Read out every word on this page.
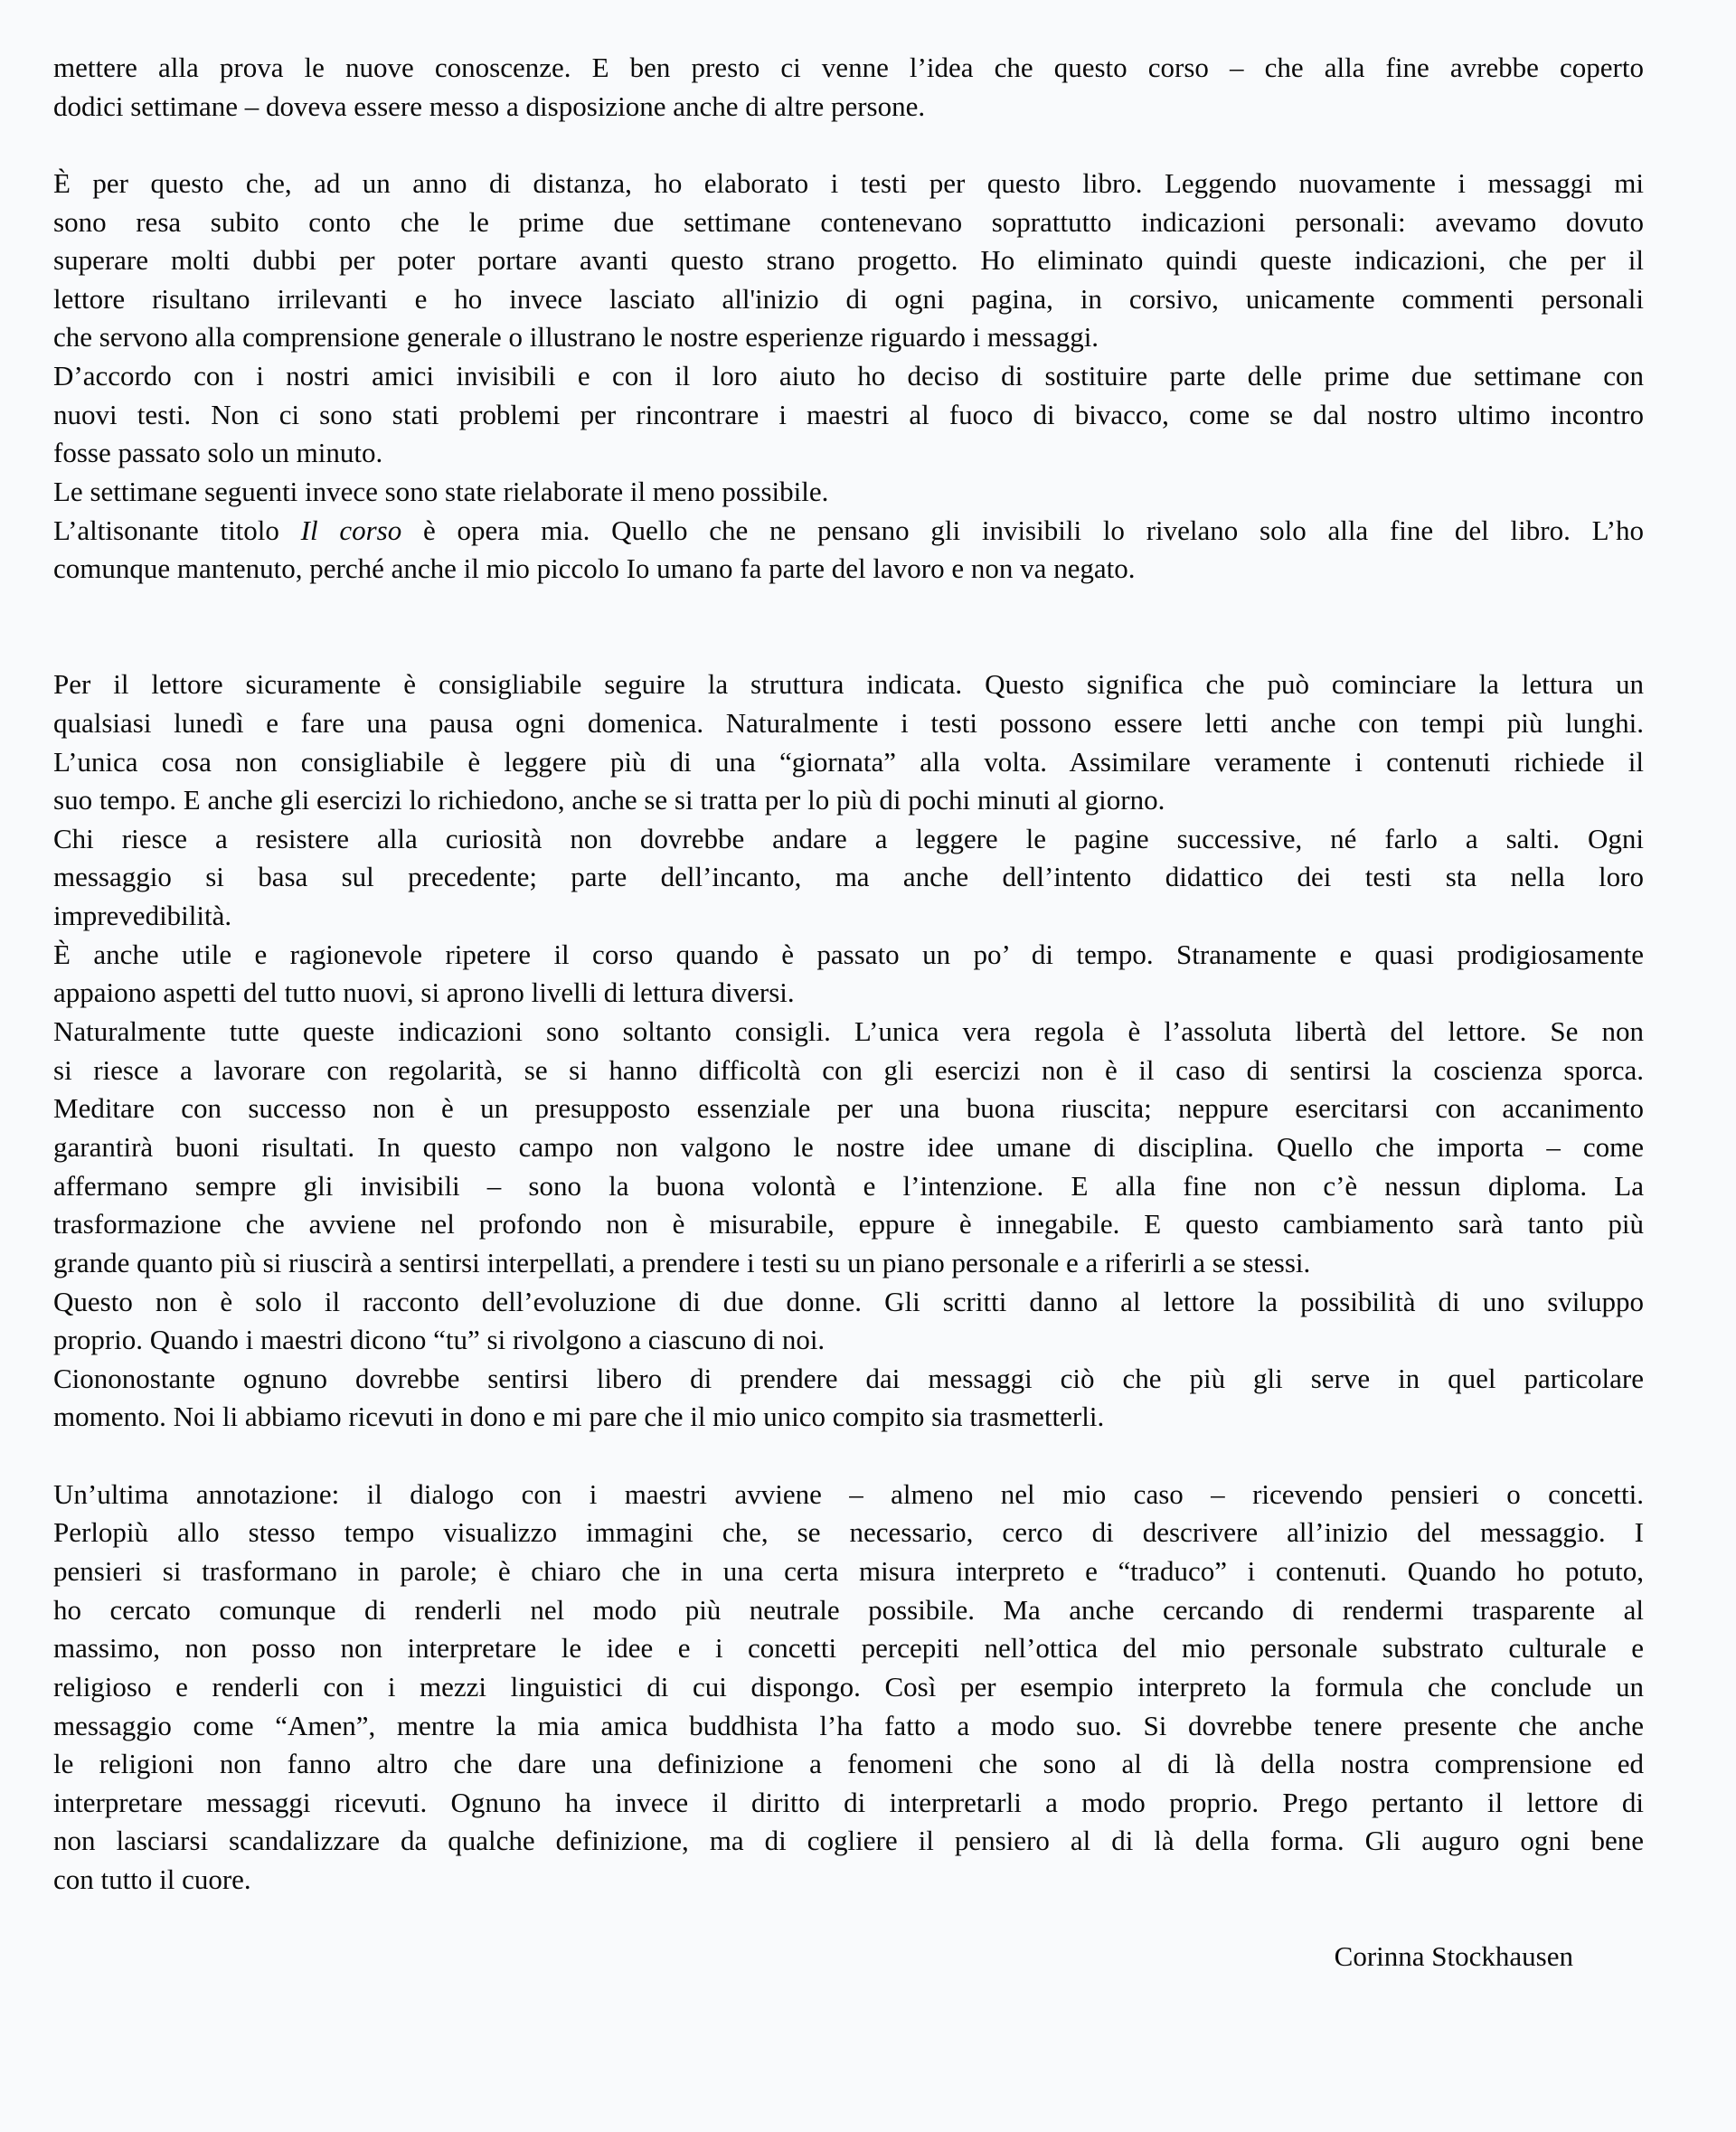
mettere alla prova le nuove conoscenze. E ben presto ci venne l’idea che questo corso – che alla fine avrebbe coperto
dodici settimane – doveva essere messo a disposizione anche di altre persone.
È per questo che, ad un anno di distanza, ho elaborato i testi per questo libro. Leggendo nuovamente i messaggi mi
sono resa subito conto che le prime due settimane contenevano soprattutto indicazioni personali: avevamo dovuto
superare molti dubbi per poter portare avanti questo strano progetto. Ho eliminato quindi queste indicazioni, che per il
lettore risultano irrilevanti e ho invece lasciato all'inizio di ogni pagina, in corsivo, unicamente commenti personali
che servono alla comprensione generale o illustrano le nostre esperienze riguardo i messaggi.
D’accordo con i nostri amici invisibili e con il loro aiuto ho deciso di sostituire parte delle prime due settimane con
nuovi testi. Non ci sono stati problemi per rincontrare i maestri al fuoco di bivacco, come se dal nostro ultimo incontro
fosse passato solo un minuto.
Le settimane seguenti invece sono state rielaborate il meno possibile.
L’altisonante titolo Il corso è opera mia. Quello che ne pensano gli invisibili lo rivelano solo alla fine del libro. L’ho
comunque mantenuto, perché anche il mio piccolo Io umano fa parte del lavoro e non va negato.
Per il lettore sicuramente è consigliabile seguire la struttura indicata. Questo significa che può cominciare la lettura un
qualsiasi lunedì e fare una pausa ogni domenica. Naturalmente i testi possono essere letti anche con tempi più lunghi.
L’unica cosa non consigliabile è leggere più di una “giornata” alla volta. Assimilare veramente i contenuti richiede il
suo tempo. E anche gli esercizi lo richiedono, anche se si tratta per lo più di pochi minuti al giorno.
Chi riesce a resistere alla curiosità non dovrebbe andare a leggere le pagine successive, né farlo a salti. Ogni
messaggio si basa sul precedente; parte dell’incanto, ma anche dell’intento didattico dei testi sta nella loro
imprevedibilità.
È anche utile e ragionevole ripetere il corso quando è passato un po’ di tempo. Stranamente e quasi prodigiosamente
appaiono aspetti del tutto nuovi, si aprono livelli di lettura diversi.
Naturalmente tutte queste indicazioni sono soltanto consigli. L’unica vera regola è l’assoluta libertà del lettore. Se non
si riesce a lavorare con regolarità, se si hanno difficoltà con gli esercizi non è il caso di sentirsi la coscienza sporca.
Meditare con successo non è un presupposto essenziale per una buona riuscita; neppure esercitarsi con accanimento
garantirà buoni risultati. In questo campo non valgono le nostre idee umane di disciplina. Quello che importa – come
affermano sempre gli invisibili – sono la buona volontà e l’intenzione. E alla fine non c’è nessun diploma. La
trasformazione che avviene nel profondo non è misurabile, eppure è innegabile. E questo cambiamento sarà tanto più
grande quanto più si riuscirà a sentirsi interpellati, a prendere i testi su un piano personale e a riferirli a se stessi.
Questo non è solo il racconto dell’evoluzione di due donne. Gli scritti danno al lettore la possibilità di uno sviluppo
proprio. Quando i maestri dicono “tu” si rivolgono a ciascuno di noi.
Ciononostante ognuno dovrebbe sentirsi libero di prendere dai messaggi ciò che più gli serve in quel particolare
momento. Noi li abbiamo ricevuti in dono e mi pare che il mio unico compito sia trasmetterli.
Un’ultima annotazione: il dialogo con i maestri avviene – almeno nel mio caso – ricevendo pensieri o concetti.
Perlopiù allo stesso tempo visualizzo immagini che, se necessario, cerco di descrivere all’inizio del messaggio. I
pensieri si trasformano in parole; è chiaro che in una certa misura interpreto e “traduco” i contenuti. Quando ho potuto,
ho cercato comunque di renderli nel modo più neutrale possibile. Ma anche cercando di rendermi trasparente al
massimo, non posso non interpretare le idee e i concetti percepiti nell’ottica del mio personale substrato culturale e
religioso e renderli con i mezzi linguistici di cui dispongo. Così per esempio interpreto la formula che conclude un
messaggio come “Amen”, mentre la mia amica buddhista l’ha fatto a modo suo. Si dovrebbe tenere presente che anche
le religioni non fanno altro che dare una definizione a fenomeni che sono al di là della nostra comprensione ed
interpretare messaggi ricevuti. Ognuno ha invece il diritto di interpretarli a modo proprio. Prego pertanto il lettore di
non lasciarsi scandalizzare da qualche definizione, ma di cogliere il pensiero al di là della forma. Gli auguro ogni bene
con tutto il cuore.
Corinna Stockhausen
